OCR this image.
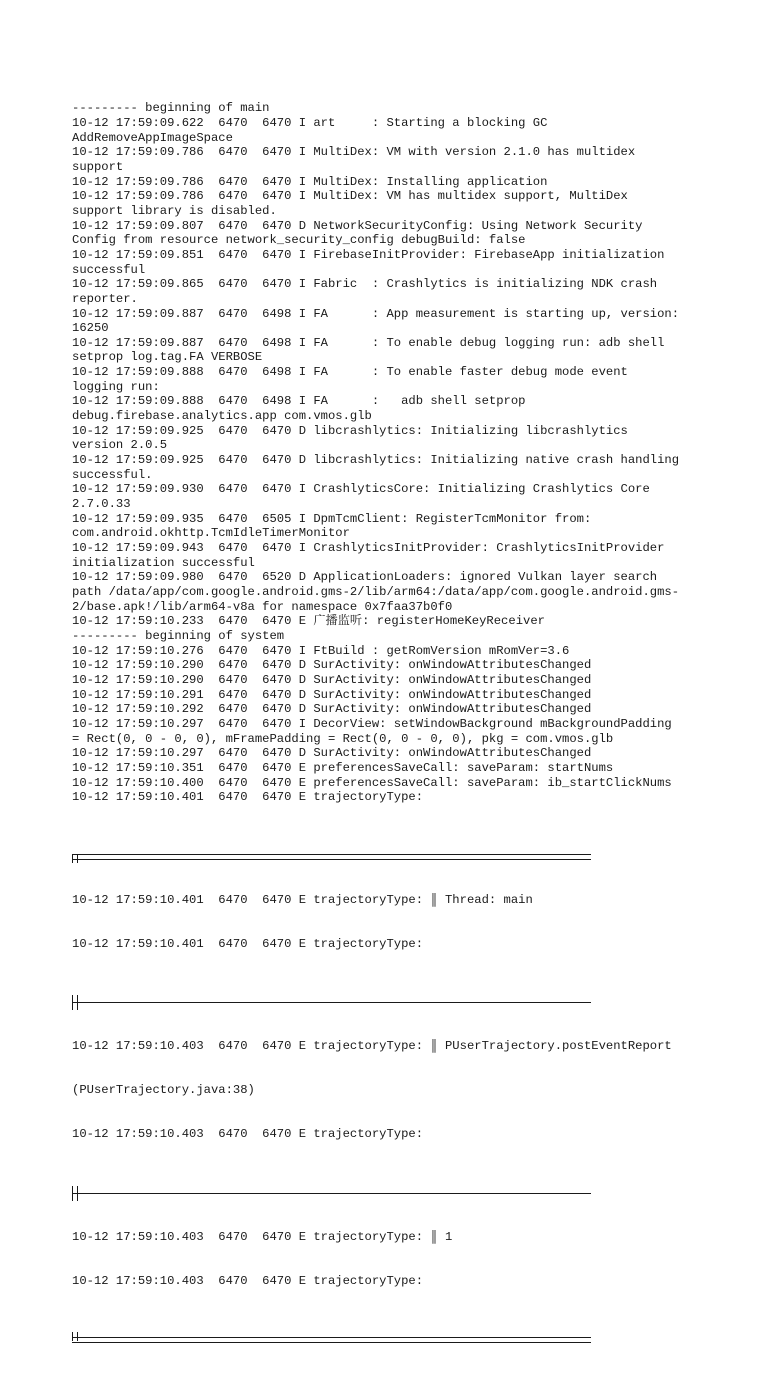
--------- beginning of main
10-12 17:59:09.622  6470  6470 I art     : Starting a blocking GC
AddRemoveAppImageSpace
10-12 17:59:09.786  6470  6470 I MultiDex: VM with version 2.1.0 has multidex
support
10-12 17:59:09.786  6470  6470 I MultiDex: Installing application
10-12 17:59:09.786  6470  6470 I MultiDex: VM has multidex support, MultiDex
support library is disabled.
10-12 17:59:09.807  6470  6470 D NetworkSecurityConfig: Using Network Security
Config from resource network_security_config debugBuild: false
10-12 17:59:09.851  6470  6470 I FirebaseInitProvider: FirebaseApp initialization
successful
10-12 17:59:09.865  6470  6470 I Fabric  : Crashlytics is initializing NDK crash
reporter.
10-12 17:59:09.887  6470  6498 I FA      : App measurement is starting up, version:
16250
10-12 17:59:09.887  6470  6498 I FA      : To enable debug logging run: adb shell
setprop log.tag.FA VERBOSE
10-12 17:59:09.888  6470  6498 I FA      : To enable faster debug mode event
logging run:
10-12 17:59:09.888  6470  6498 I FA      :   adb shell setprop
debug.firebase.analytics.app com.vmos.glb
10-12 17:59:09.925  6470  6470 D libcrashlytics: Initializing libcrashlytics
version 2.0.5
10-12 17:59:09.925  6470  6470 D libcrashlytics: Initializing native crash handling
successful.
10-12 17:59:09.930  6470  6470 I CrashlyticsCore: Initializing Crashlytics Core
2.7.0.33
10-12 17:59:09.935  6470  6505 I DpmTcmClient: RegisterTcmMonitor from:
com.android.okhttp.TcmIdleTimerMonitor
10-12 17:59:09.943  6470  6470 I CrashlyticsInitProvider: CrashlyticsInitProvider
initialization successful
10-12 17:59:09.980  6470  6520 D ApplicationLoaders: ignored Vulkan layer search
path /data/app/com.google.android.gms-2/lib/arm64:/data/app/com.google.android.gms-
2/base.apk!/lib/arm64-v8a for namespace 0x7faa37b0f0
10-12 17:59:10.233  6470  6470 E 广播监听: registerHomeKeyReceiver
--------- beginning of system
10-12 17:59:10.276  6470  6470 I FtBuild : getRomVersion mRomVer=3.6
10-12 17:59:10.290  6470  6470 D SurActivity: onWindowAttributesChanged
10-12 17:59:10.290  6470  6470 D SurActivity: onWindowAttributesChanged
10-12 17:59:10.291  6470  6470 D SurActivity: onWindowAttributesChanged
10-12 17:59:10.292  6470  6470 D SurActivity: onWindowAttributesChanged
10-12 17:59:10.297  6470  6470 I DecorView: setWindowBackground mBackgroundPadding
= Rect(0, 0 - 0, 0), mFramePadding = Rect(0, 0 - 0, 0), pkg = com.vmos.glb
10-12 17:59:10.297  6470  6470 D SurActivity: onWindowAttributesChanged
10-12 17:59:10.351  6470  6470 E preferencesSaveCall: saveParam: startNums
10-12 17:59:10.400  6470  6470 E preferencesSaveCall: saveParam: ib_startClickNums
10-12 17:59:10.401  6470  6470 E trajectoryType:

10-12 17:59:10.401  6470  6470 E trajectoryType: ║ Thread: main

10-12 17:59:10.401  6470  6470 E trajectoryType:

10-12 17:59:10.403  6470  6470 E trajectoryType: ║ PUserTrajectory.postEventReport

(PUserTrajectory.java:38)

10-12 17:59:10.403  6470  6470 E trajectoryType:

10-12 17:59:10.403  6470  6470 E trajectoryType: ║ 1

10-12 17:59:10.403  6470  6470 E trajectoryType:
